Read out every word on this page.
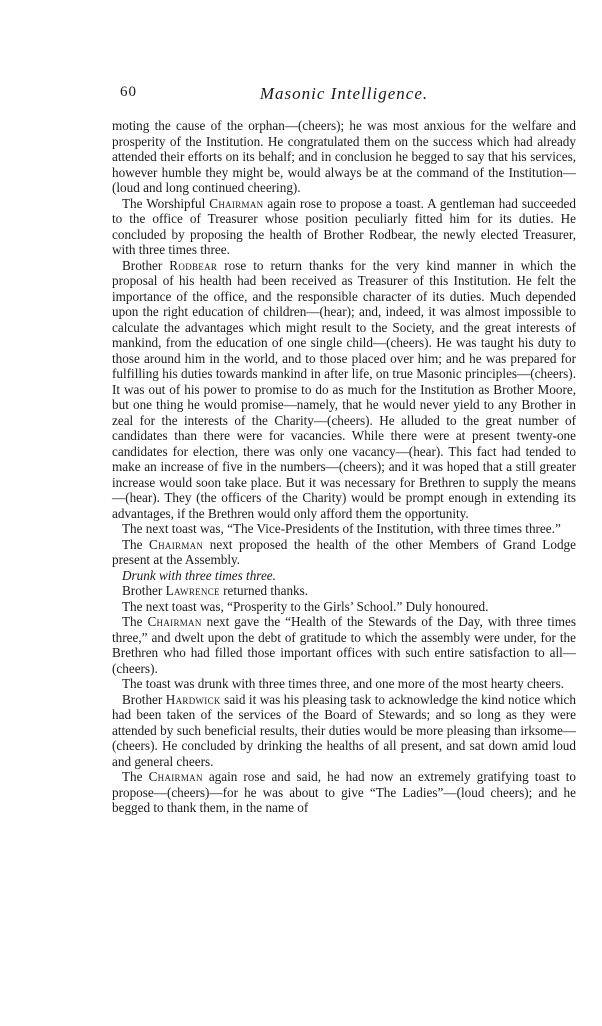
60	Masonic Intelligence.

moting the cause of the orphan—(cheers); he was most anxious for the welfare and prosperity of the Institution. He congratulated them on the success which had already attended their efforts on its behalf; and in conclusion he begged to say that his services, however humble they might be, would always be at the command of the Institution—(loud and long continued cheering).

The Worshipful Chairman again rose to propose a toast. A gentleman had succeeded to the office of Treasurer whose position peculiarly fitted him for its duties. He concluded by proposing the health of Brother Rodbear, the newly elected Treasurer, with three times three.

Brother Rodbear rose to return thanks for the very kind manner in which the proposal of his health had been received as Treasurer of this Institution. He felt the importance of the office, and the responsible character of its duties. Much depended upon the right education of children—(hear); and, indeed, it was almost impossible to calculate the advantages which might result to the Society, and the great interests of mankind, from the education of one single child—(cheers). He was taught his duty to those around him in the world, and to those placed over him; and he was prepared for fulfilling his duties towards mankind in after life, on true Masonic principles—(cheers). It was out of his power to promise to do as much for the Institution as Brother Moore, but one thing he would promise—namely, that he would never yield to any Brother in zeal for the interests of the Charity—(cheers). He alluded to the great number of candidates than there were for vacancies. While there were at present twenty-one candidates for election, there was only one vacancy—(hear). This fact had tended to make an increase of five in the numbers—(cheers); and it was hoped that a still greater increase would soon take place. But it was necessary for Brethren to supply the means—(hear). They (the officers of the Charity) would be prompt enough in extending its advantages, if the Brethren would only afford them the opportunity.

The next toast was, “The Vice-Presidents of the Institution, with three times three.”

The Chairman next proposed the health of the other Members of Grand Lodge present at the Assembly.

Drunk with three times three.

Brother Lawrence returned thanks.

The next toast was, “Prosperity to the Girls’ School.” Duly honoured.

The Chairman next gave the “Health of the Stewards of the Day, with three times three,” and dwelt upon the debt of gratitude to which the assembly were under, for the Brethren who had filled those important offices with such entire satisfaction to all—(cheers).

The toast was drunk with three times three, and one more of the most hearty cheers.

Brother Hardwick said it was his pleasing task to acknowledge the kind notice which had been taken of the services of the Board of Stewards; and so long as they were attended by such beneficial results, their duties would be more pleasing than irksome—(cheers). He concluded by drinking the healths of all present, and sat down amid loud and general cheers.

The Chairman again rose and said, he had now an extremely gratifying toast to propose—(cheers)—for he was about to give “The Ladies”—(loud cheers); and he begged to thank them, in the name of
